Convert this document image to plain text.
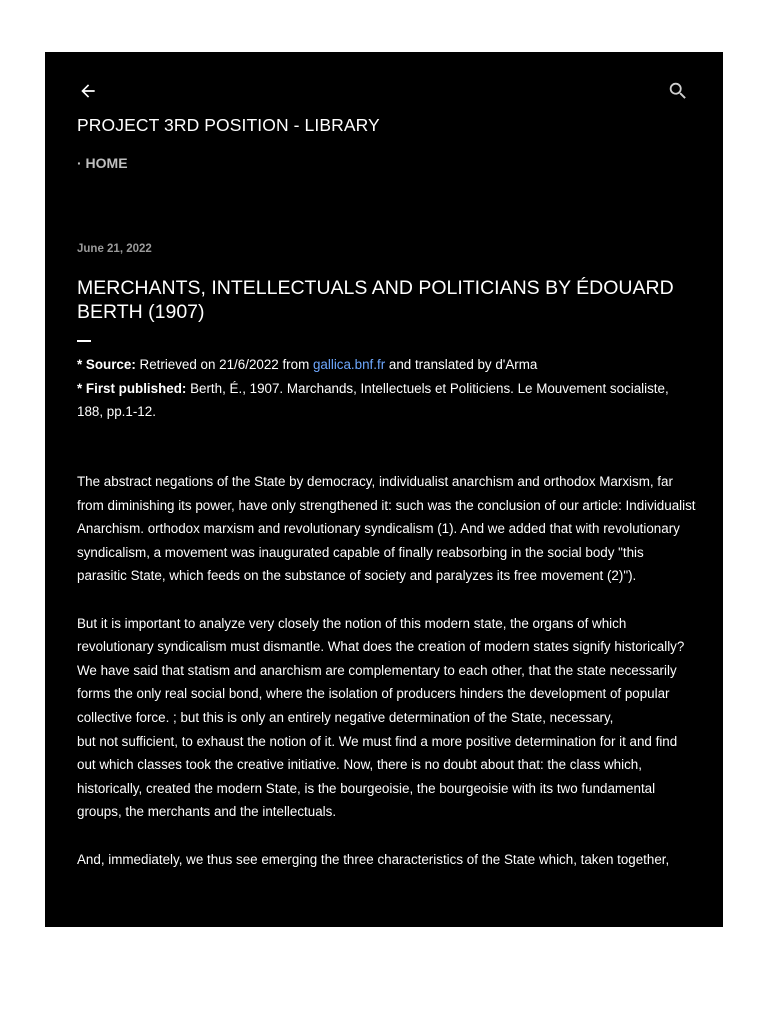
PROJECT 3RD POSITION - LIBRARY
· HOME
June 21, 2022
MERCHANTS, INTELLECTUALS AND POLITICIANS BY ÉDOUARD BERTH (1907)
* Source: Retrieved on 21/6/2022 from gallica.bnf.fr and translated by d'Arma
* First published: Berth, É., 1907. Marchands, Intellectuels et Politiciens. Le Mouvement socialiste, 188, pp.1-12.

The abstract negations of the State by democracy, individualist anarchism and orthodox Marxism, far from diminishing its power, have only strengthened it: such was the conclusion of our article: Individualist Anarchism. orthodox marxism and revolutionary syndicalism (1). And we added that with revolutionary syndicalism, a movement was inaugurated capable of finally reabsorbing in the social body "this parasitic State, which feeds on the substance of society and paralyzes its free movement (2)").

But it is important to analyze very closely the notion of this modern state, the organs of which revolutionary syndicalism must dismantle. What does the creation of modern states signify historically? We have said that statism and anarchism are complementary to each other, that the state necessarily forms the only real social bond, where the isolation of producers hinders the development of popular collective force. ; but this is only an entirely negative determination of the State, necessary,

but not sufficient, to exhaust the notion of it. We must find a more positive determination for it and find out which classes took the creative initiative. Now, there is no doubt about that: the class which, historically, created the modern State, is the bourgeoisie, the bourgeoisie with its two fundamental groups, the merchants and the intellectuals.

And, immediately, we thus see emerging the three characteristics of the State which, taken together,
